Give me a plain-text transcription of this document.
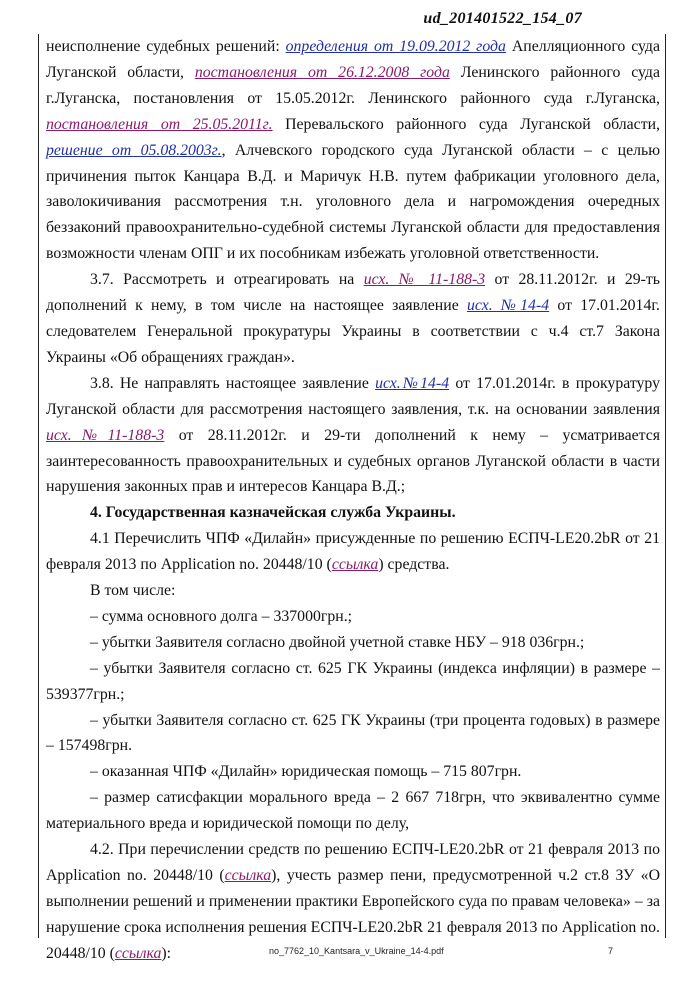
ud_201401522_154_07

неисполнение судебных решений: определения от 19.09.2012 года Апелляционного суда Луганской области, постановления от 26.12.2008 года Ленинского районного суда г.Луганска, постановления от 15.05.2012г. Ленинского районного суда г.Луганска, постановления от 25.05.2011г. Перевальского районного суда Луганской области, решение от 05.08.2003г., Алчевского городского суда Луганской области – с целью причинения пыток Канцара В.Д. и Маричук Н.В. путем фабрикации уголовного дела, заволокичивания рассмотрения т.н. уголовного дела и нагромождения очередных беззаконий правоохранительно-судебной системы Луганской области для предоставления возможности членам ОПГ и их пособникам избежать уголовной ответственности.

3.7. Рассмотреть и отреагировать на исх. № 11-188-3 от 28.11.2012г. и 29-ть дополнений к нему, в том числе на настоящее заявление исх. №14-4 от 17.01.2014г. следователем Генеральной прокуратуры Украины в соответствии с ч.4 ст.7 Закона Украины «Об обращениях граждан».

3.8. Не направлять настоящее заявление исх.№14-4 от 17.01.2014г. в прокуратуру Луганской области для рассмотрения настоящего заявления, т.к. на основании заявления исх.№11-188-3 от 28.11.2012г. и 29-ти дополнений к нему – усматривается заинтересованность правоохранительных и судебных органов Луганской области в части нарушения законных прав и интересов Канцара В.Д.;

4. Государственная казначейская служба Украины.

4.1 Перечислить ЧПФ «Дилайн» присужденные по решению ЕСПЧ-LE20.2bR от 21 февраля 2013 по Application no. 20448/10 (ссылка) средства.

В том числе:

– сумма основного долга – 337000грн.;

– убытки Заявителя согласно двойной учетной ставке НБУ – 918 036грн.;

– убытки Заявителя согласно ст. 625 ГК Украины (индекса инфляции) в размере – 539377грн.;

– убытки Заявителя согласно ст. 625 ГК Украины (три процента годовых) в размере – 157498грн.

– оказанная ЧПФ «Дилайн» юридическая помощь – 715 807грн.

– размер сатисфакции морального вреда – 2 667 718грн, что эквивалентно сумме материального вреда и юридической помощи по делу,

4.2. При перечислении средств по решению ЕСПЧ-LE20.2bR от 21 февраля 2013 по Application no. 20448/10 (ссылка), учесть размер пени, предусмотренной ч.2 ст.8 ЗУ «О выполнении решений и применении практики Европейского суда по правам человека» – за нарушение срока исполнения решения ЕСПЧ-LE20.2bR 21 февраля 2013 по Application no. 20448/10 (ссылка):	no_7762_10_Kantsara_v_Ukraine_14-4.pdf	7
